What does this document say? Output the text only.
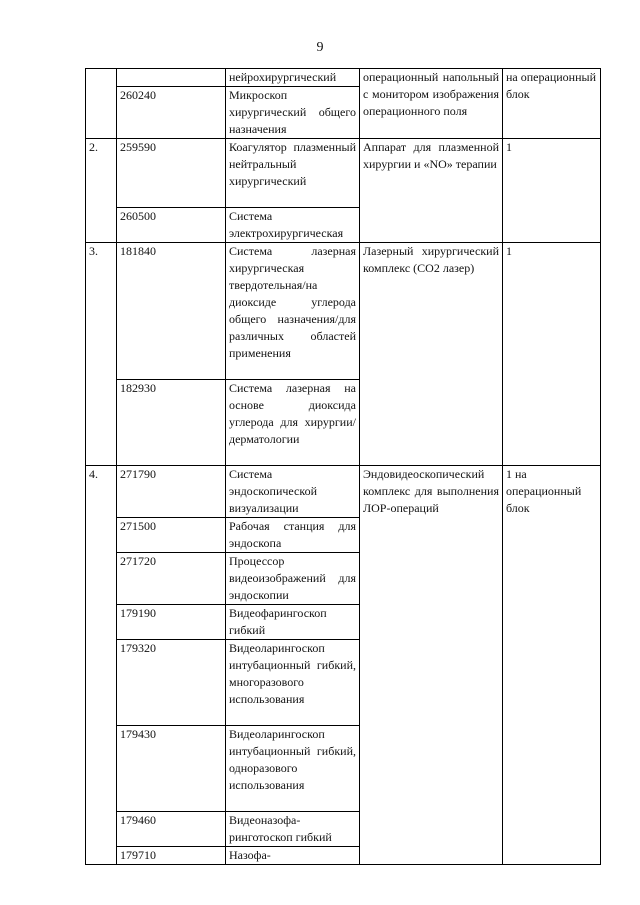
9
		нейрохирургический	операционный напольный с монитором изображения операционного поля	на операционный блок
	260240	Микроскоп хирургический общего назначения		
2.	259590	Коагулятор плазменный нейтральный хирургический	Аппарат для плазменной хирургии и «NO» терапии	1
	260500	Система электрохирургическая		
3.	181840	Система лазерная хирургическая твердотельная/на диоксиде углерода общего назначения/для различных областей применения	Лазерный хирургический комплекс (СО2 лазер)	1
	182930	Система лазерная на основе диоксида углерода для хирургии/ дерматологии		
4.	271790	Система эндоскопической визуализации	Эндовидеоскопический комплекс для выполнения ЛОР-операций	1 на операционный блок
	271500	Рабочая станция для эндоскопа		
	271720	Процессор видеоизображений для эндоскопии		
	179190	Видеофарингоскоп гибкий		
	179320	Видеоларингоскоп интубационный гибкий, многоразового использования		
	179430	Видеоларингоскоп интубационный гибкий, одноразового использования		
	179460	Видеоназофа-ринготоскоп гибкий		
	179710	Назофа-		
